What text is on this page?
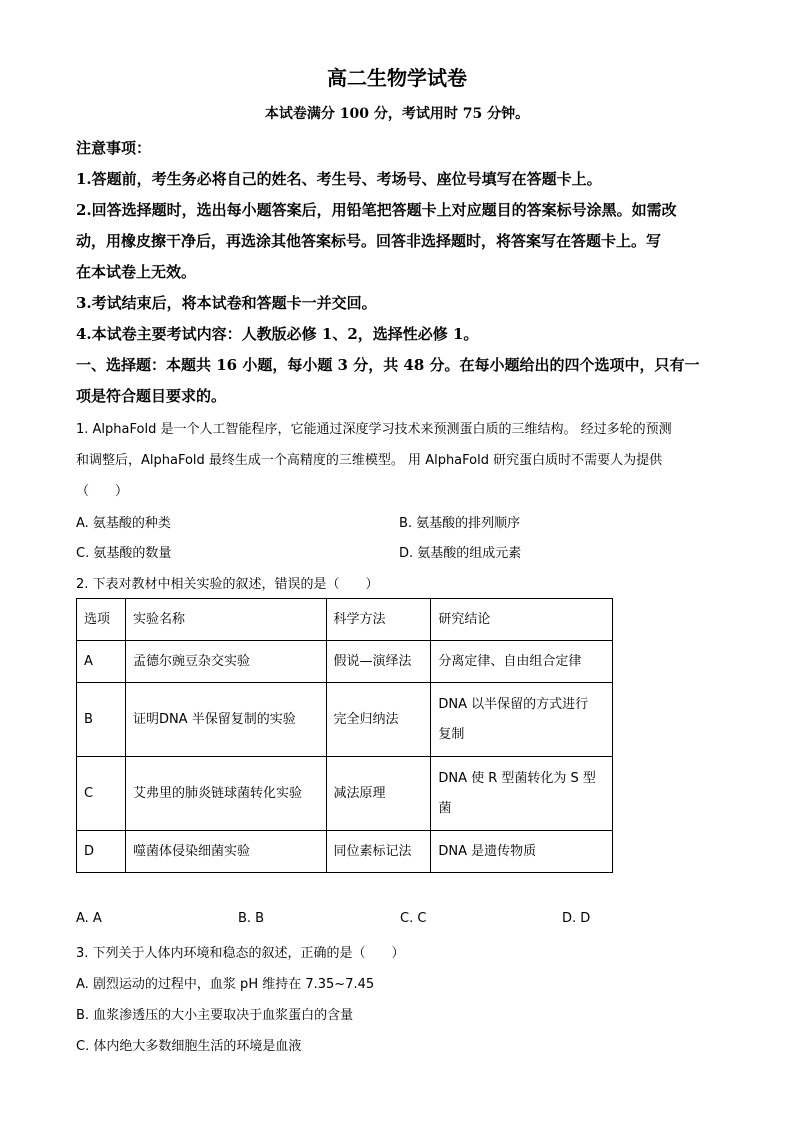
高二生物学试卷
本试卷满分 100 分，考试用时 75 分钟。
注意事项：
1.答题前，考生务必将自己的姓名、考生号、考场号、座位号填写在答题卡上。
2.回答选择题时，选出每小题答案后，用铅笔把答题卡上对应题目的答案标号涂黑。如需改
动，用橡皮擦干净后，再选涂其他答案标号。回答非选择题时，将答案写在答题卡上。写
在本试卷上无效。
3.考试结束后，将本试卷和答题卡一并交回。
4.本试卷主要考试内容：人教版必修 1、2，选择性必修 1。
一、选择题：本题共 16 小题，每小题 3 分，共 48 分。在每小题给出的四个选项中，只有一
项是符合题目要求的。
1. AlphaFold 是一个人工智能程序，它能通过深度学习技术来预测蛋白质的三维结构。 经过多轮的预测
和调整后，AlphaFold 最终生成一个高精度的三维模型。 用 AlphaFold 研究蛋白质时不需要人为提供
（　　）
A. 氨基酸的种类	B. 氨基酸的排列顺序
C. 氨基酸的数量	D. 氨基酸的组成元素
2. 下表对教材中相关实验的叙述，错误的是（　　）
选项	实验名称	科学方法	研究结论
A	孟德尔豌豆杂交实验	假说—演绎法	分离定律、自由组合定律
B	证明DNA 半保留复制的实验	完全归纳法	DNA 以半保留的方式进行
复制

C	艾弗里的肺炎链球菌转化实验	减法原理	DNA 使 R 型菌转化为 S 型
菌

D	噬菌体侵染细菌实验	同位素标记法	DNA 是遗传物质
A. A	B. B	C. C	D. D
3. 下列关于人体内环境和稳态的叙述，正确的是（　　）
A. 剧烈运动的过程中，血浆 pH 维持在 7.35~7.45
B. 血浆渗透压的大小主要取决于血浆蛋白的含量
C. 体内绝大多数细胞生活的环境是血液
